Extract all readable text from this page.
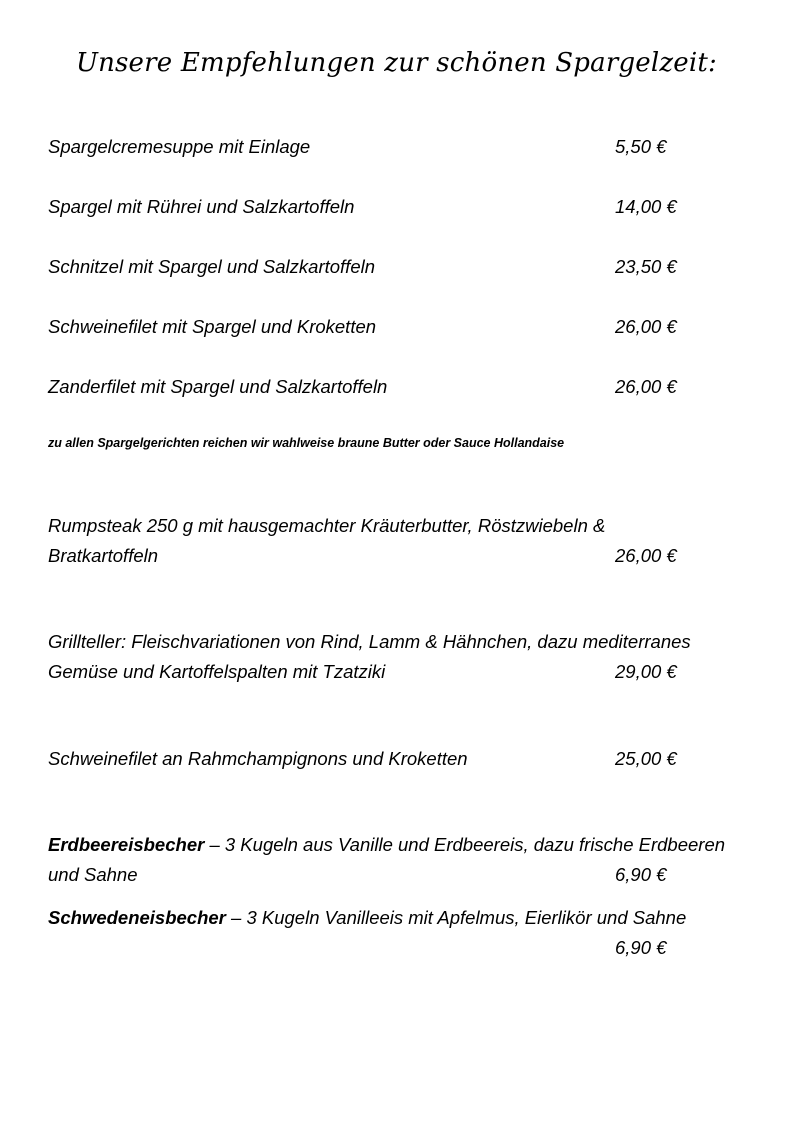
Unsere Empfehlungen zur schönen Spargelzeit:
Spargelcremesuppe mit Einlage	5,50 €
Spargel mit Rührei und Salzkartoffeln	14,00 €
Schnitzel mit Spargel und Salzkartoffeln	23,50 €
Schweinefilet mit Spargel und Kroketten	26,00 €
Zanderfilet mit Spargel und Salzkartoffeln	26,00 €
zu allen Spargelgerichten reichen wir wahlweise braune Butter oder Sauce Hollandaise
Rumpsteak 250 g mit hausgemachter Kräuterbutter, Röstzwiebeln &
Bratkartoffeln	26,00 €
Grillteller: Fleischvariationen von Rind, Lamm & Hähnchen, dazu mediterranes
Gemüse und Kartoffelspalten mit Tzatziki	29,00 €
Schweinefilet an Rahmchampignons und Kroketten	25,00 €
Erdbeereisbecher – 3 Kugeln aus Vanille und Erdbeereis, dazu frische Erdbeeren
und Sahne	6,90 €
Schwedeneisbecher – 3 Kugeln Vanilleeis mit Apfelmus, Eierlikör und Sahne
6,90 €
